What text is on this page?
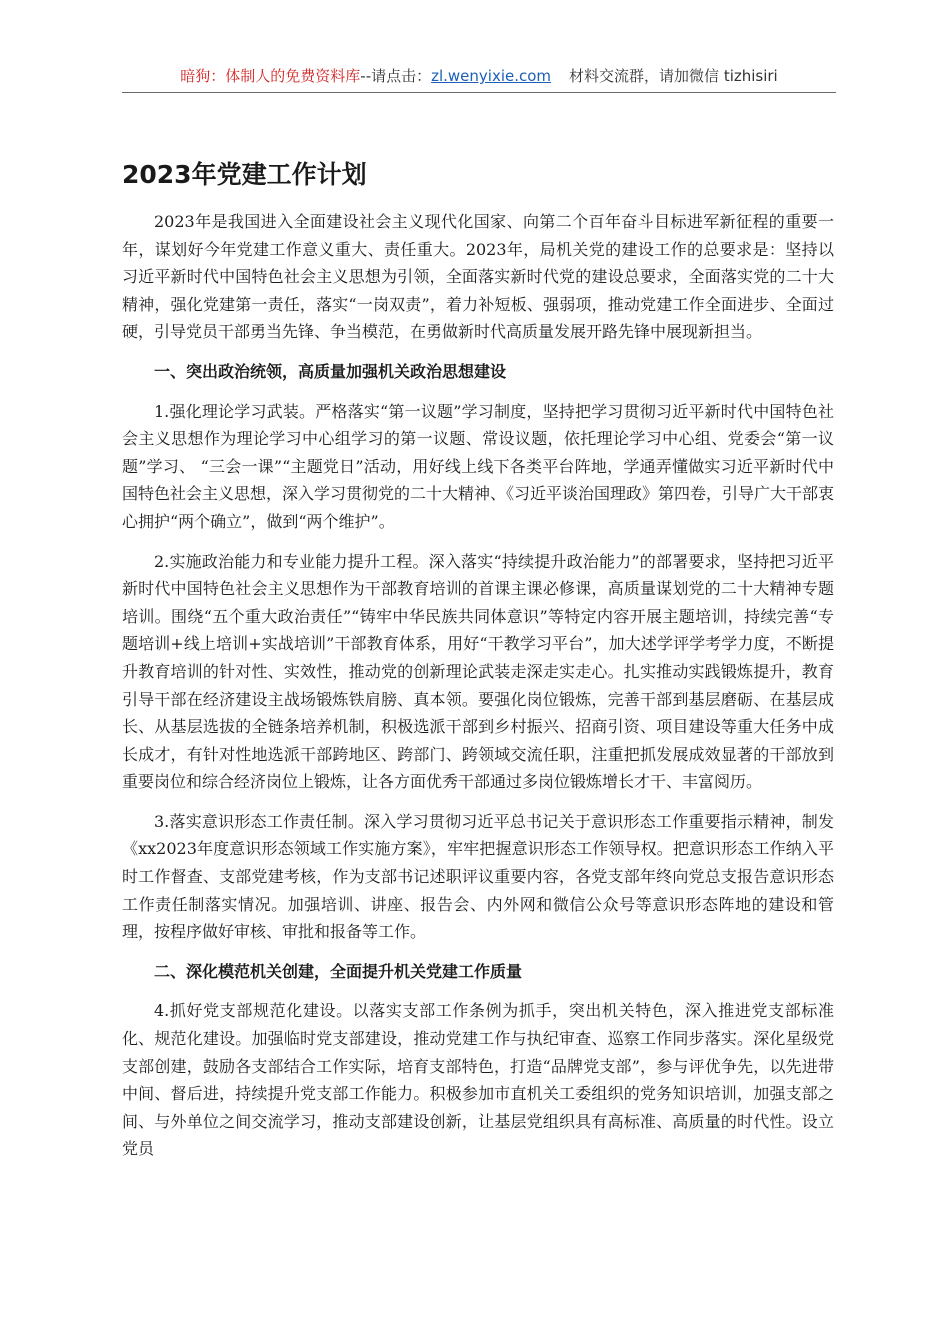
暗狗：体制人的免费资料库--请点击：zl.wenyixie.com 材料交流群，请加微信 tizhisiri
2023年党建工作计划

2023年是我国进入全面建设社会主义现代化国家、向第二个百年奋斗目标进军新征程的重要一年，谋划好今年党建工作意义重大、责任重大。2023年，局机关党的建设工作的总要求是：坚持以习近平新时代中国特色社会主义思想为引领，全面落实新时代党的建设总要求，全面落实党的二十大精神，强化党建第一责任，落实“一岗双责”，着力补短板、强弱项，推动党建工作全面进步、全面过硬，引导党员干部勇当先锋、争当模范，在勇做新时代高质量发展开路先锋中展现新担当。

一、突出政治统领，高质量加强机关政治思想建设

1.强化理论学习武装。严格落实“第一议题”学习制度，坚持把学习贯彻习近平新时代中国特色社会主义思想作为理论学习中心组学习的第一议题、常设议题，依托理论学习中心组、党委会“第一议题”学习、 “三会一课”“主题党日”活动，用好线上线下各类平台阵地，学通弄懂做实习近平新时代中国特色社会主义思想，深入学习贯彻党的二十大精神、《习近平谈治国理政》第四卷，引导广大干部衷心拥护“两个确立”，做到“两个维护”。

2.实施政治能力和专业能力提升工程。深入落实“持续提升政治能力”的部署要求，坚持把习近平新时代中国特色社会主义思想作为干部教育培训的首课主课必修课，高质量谋划党的二十大精神专题培训。围绕“五个重大政治责任”“铸牢中华民族共同体意识”等特定内容开展主题培训，持续完善“专题培训+线上培训+实战培训”干部教育体系，用好“干教学习平台”，加大述学评学考学力度，不断提升教育培训的针对性、实效性，推动党的创新理论武装走深走实走心。扎实推动实践锻炼提升，教育引导干部在经济建设主战场锻炼铁肩膀、真本领。要强化岗位锻炼，完善干部到基层磨砺、在基层成长、从基层选拔的全链条培养机制，积极选派干部到乡村振兴、招商引资、项目建设等重大任务中成长成才，有针对性地选派干部跨地区、跨部门、跨领域交流任职，注重把抓发展成效显著的干部放到重要岗位和综合经济岗位上锻炼，让各方面优秀干部通过多岗位锻炼增长才干、丰富阅历。

3.落实意识形态工作责任制。深入学习贯彻习近平总书记关于意识形态工作重要指示精神，制发《xx2023年度意识形态领域工作实施方案》，牢牢把握意识形态工作领导权。把意识形态工作纳入平时工作督查、支部党建考核，作为支部书记述职评议重要内容，各党支部年终向党总支报告意识形态工作责任制落实情况。加强培训、讲座、报告会、内外网和微信公众号等意识形态阵地的建设和管理，按程序做好审核、审批和报备等工作。

二、深化模范机关创建，全面提升机关党建工作质量

4.抓好党支部规范化建设。以落实支部工作条例为抓手，突出机关特色，深入推进党支部标准化、规范化建设。加强临时党支部建设，推动党建工作与执纪审查、巡察工作同步落实。深化星级党支部创建，鼓励各支部结合工作实际，培育支部特色，打造“品牌党支部”，参与评优争先，以先进带中间、督后进，持续提升党支部工作能力。积极参加市直机关工委组织的党务知识培训，加强支部之间、与外单位之间交流学习，推动支部建设创新，让基层党组织具有高标准、高质量的时代性。设立党员
